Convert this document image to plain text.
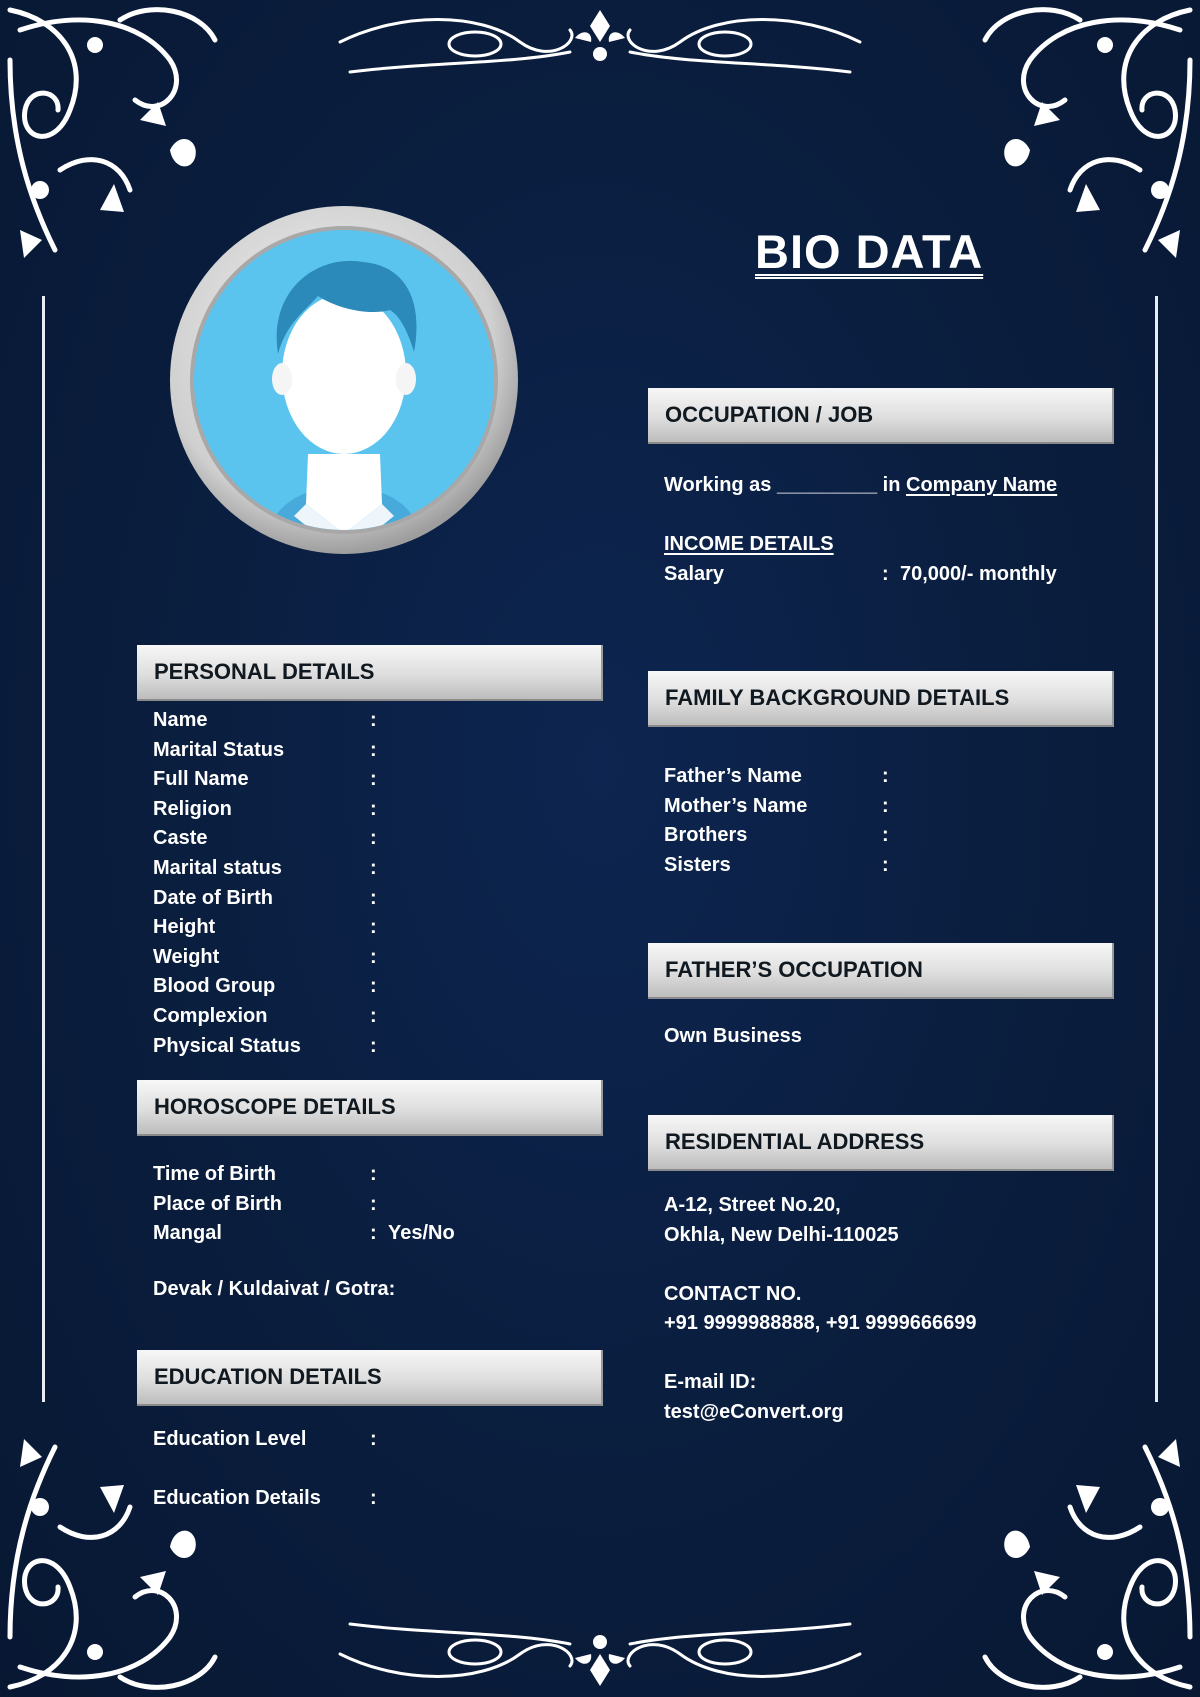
BIO DATA
PERSONAL DETAILS
Name	:
Marital Status	:
Full Name	:
Religion	:
Caste	:
Marital status	:
Date of Birth	:
Height	:
Weight	:
Blood Group	:
Complexion	:
Physical Status	:
HOROSCOPE DETAILS
Time of Birth	:
Place of Birth	:
Mangal	: Yes/No
Devak / Kuldaivat / Gotra:
EDUCATION DETAILS
Education Level	:
Education Details :
OCCUPATION / JOB
Working as _________ in Company Name
INCOME DETAILS
Salary	: 70,000/- monthly
FAMILY BACKGROUND DETAILS
Father’s Name	:
Mother’s Name	:
Brothers	:
Sisters	:
FATHER’S OCCUPATION
Own Business
RESIDENTIAL ADDRESS
A-12, Street No.20,
Okhla, New Delhi-110025
CONTACT NO.
+91 9999988888, +91 9999666699
E-mail ID:
test@eConvert.org
